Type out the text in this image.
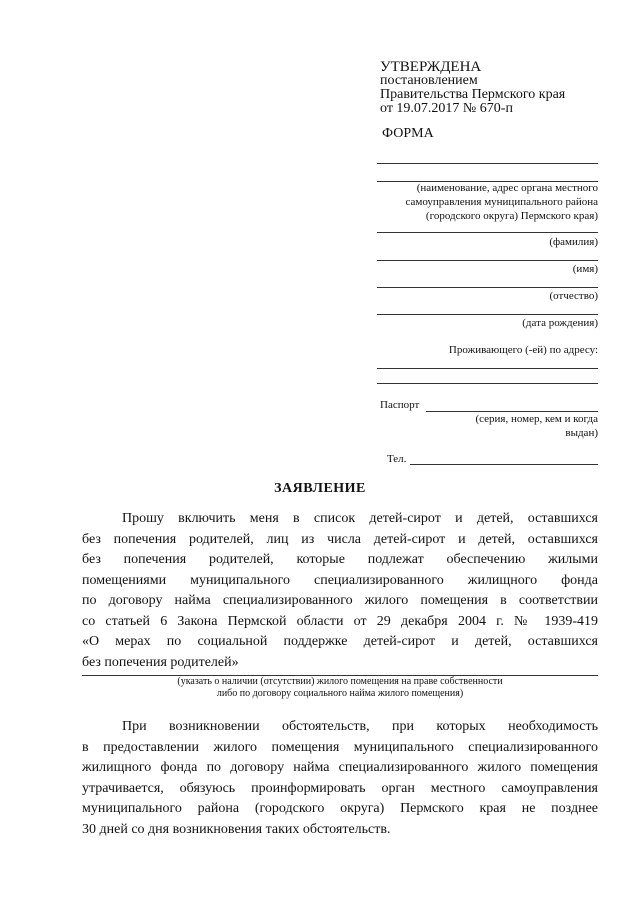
УТВЕРЖДЕНА
постановлением
Правительства Пермского края
от 19.07.2017 № 670-п
ФОРМА
(наименование, адрес органа местного
самоуправления муниципального района
(городского округа) Пермского края)
(фамилия)
(имя)
(отчество)
(дата рождения)
Проживающего (-ей) по адресу:
Паспорт
(серия, номер, кем и когда
выдан)
Тел.
ЗАЯВЛЕНИЕ
Прошу включить меня в список детей-сирот и детей, оставшихся
без попечения родителей, лиц из числа детей-сирот и детей, оставшихся
без попечения родителей, которые подлежат обеспечению жилыми
помещениями муниципального специализированного жилищного фонда
по договору найма специализированного жилого помещения в соответствии
со статьей 6 Закона Пермской области от 29 декабря 2004 г. № 1939-419
«О мерах по социальной поддержке детей-сирот и детей, оставшихся
без попечения родителей»
(указать о наличии (отсутствии) жилого помещения на праве собственности
либо по договору социального найма жилого помещения)
При возникновении обстоятельств, при которых необходимость
в предоставлении жилого помещения муниципального специализированного
жилищного фонда по договору найма специализированного жилого помещения
утрачивается, обязуюсь проинформировать орган местного самоуправления
муниципального района (городского округа) Пермского края не позднее
30 дней со дня возникновения таких обстоятельств.
